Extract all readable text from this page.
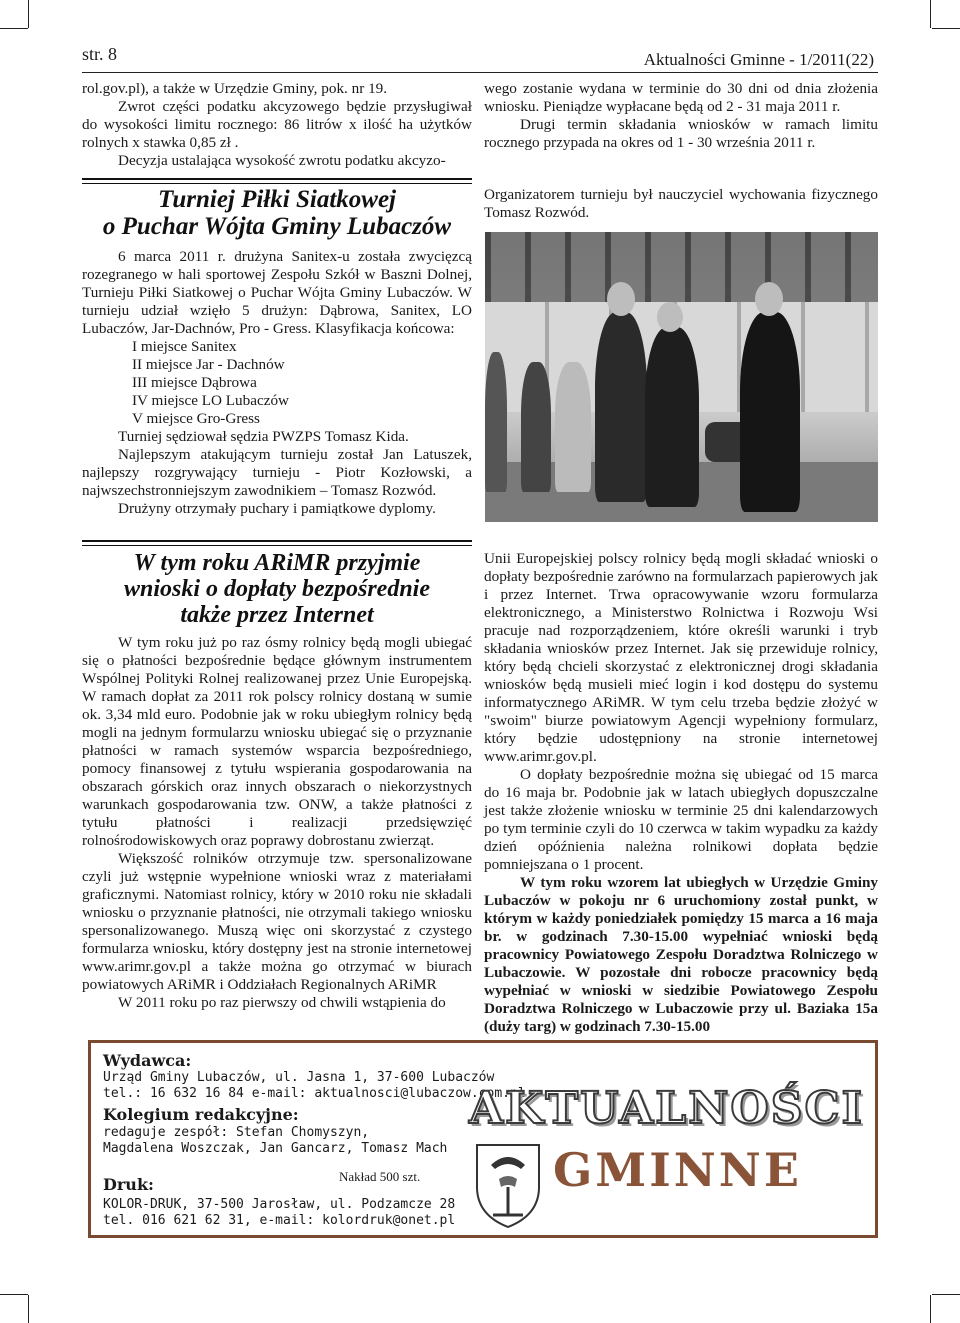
str. 8	Aktualności Gminne - 1/2011(22)

rol.gov.pl), a także w Urzędzie Gminy, pok. nr 19.

Zwrot części podatku akcyzowego będzie przysługiwał do wysokości limitu rocznego: 86 litrów x ilość ha użytków rolnych x stawka 0,85 zł .

Decyzja ustalająca wysokość zwrotu podatku akcyzo-

wego zostanie wydana w terminie do 30 dni od dnia złożenia wniosku. Pieniądze wypłacane będą od 2 - 31 maja 2011 r.

Drugi termin składania wniosków w ramach limitu rocznego przypada na okres od 1 - 30 września 2011 r.

Turniej Piłki Siatkowej
o Puchar Wójta Gminy Lubaczów

6 marca 2011 r. drużyna Sanitex-u została zwycięzcą rozegranego w hali sportowej Zespołu Szkół w Baszni Dolnej, Turnieju Piłki Siatkowej o Puchar Wójta Gminy Lubaczów. W turnieju udział wzięło 5 drużyn: Dąbrowa, Sanitex, LO Lubaczów, Jar-Dachnów, Pro - Gress. Klasyfikacja końcowa:

I miejsce Sanitex

II miejsce Jar - Dachnów

III miejsce Dąbrowa

IV miejsce LO Lubaczów

V miejsce Gro-Gress

Turniej sędziował sędzia PWZPS Tomasz Kida.

Najlepszym atakującym turnieju został Jan Latuszek, najlepszy rozgrywający turnieju - Piotr Kozłowski, a najwszechstronniejszym zawodnikiem – Tomasz Rozwód.

Drużyny otrzymały puchary i pamiątkowe dyplomy.

Organizatorem turnieju był nauczyciel wychowania fizycznego Tomasz Rozwód.

W tym roku ARiMR przyjmie
wnioski o dopłaty bezpośrednie
także przez Internet

W tym roku już po raz ósmy rolnicy będą mogli ubiegać się o płatności bezpośrednie będące głównym instrumentem Wspólnej Polityki Rolnej realizowanej przez Unie Europejską. W ramach dopłat za 2011 rok polscy rolnicy dostaną w sumie ok. 3,34 mld euro. Podobnie jak w roku ubiegłym rolnicy będą mogli na jednym formularzu wniosku ubiegać się o przyznanie płatności w ramach systemów wsparcia bezpośredniego, pomocy finansowej z tytułu wspierania gospodarowania na obszarach górskich oraz innych obszarach o niekorzystnych warunkach gospodarowania tzw. ONW, a także płatności z tytułu płatności i realizacji przedsięwzięć rolnośrodowiskowych oraz poprawy dobrostanu zwierząt.

Większość rolników otrzymuje tzw. spersonalizowane czyli już wstępnie wypełnione wnioski wraz z materiałami graficznymi. Natomiast rolnicy, który w 2010 roku nie składali wniosku o przyznanie płatności, nie otrzymali takiego wniosku spersonalizowanego. Muszą więc oni skorzystać z czystego formularza wniosku, który dostępny jest na stronie internetowej www.arimr.gov.pl a także można go otrzymać w biurach powiatowych ARiMR i Oddziałach Regionalnych ARiMR

W 2011 roku po raz pierwszy od chwili wstąpienia do

Unii Europejskiej polscy rolnicy będą mogli składać wnioski o dopłaty bezpośrednie zarówno na formularzach papierowych jak i przez Internet. Trwa opracowywanie wzoru formularza elektronicznego, a Ministerstwo Rolnictwa i Rozwoju Wsi pracuje nad rozporządzeniem, które określi warunki i tryb składania wniosków przez Internet. Jak się przewiduje rolnicy, który będą chcieli skorzystać z elektronicznej drogi składania wniosków będą musieli mieć login i kod dostępu do systemu informatycznego ARiMR. W tym celu trzeba będzie złożyć w "swoim" biurze powiatowym Agencji wypełniony formularz, który będzie udostępniony na stronie internetowej www.arimr.gov.pl.

O dopłaty bezpośrednie można się ubiegać od 15 marca do 16 maja br. Podobnie jak w latach ubiegłych dopuszczalne jest także złożenie wniosku w terminie 25 dni kalendarzowych po tym terminie czyli do 10 czerwca w takim wypadku za każdy dzień opóźnienia należna rolnikowi dopłata będzie pomniejszana o 1 procent.

W tym roku wzorem lat ubiegłych w Urzędzie Gminy Lubaczów w pokoju nr 6 uruchomiony został punkt, w którym w każdy poniedziałek pomiędzy 15 marca a 16 maja br. w godzinach 7.30-15.00 wypełniać wnioski będą pracownicy Powiatowego Zespołu Doradztwa Rolniczego w Lubaczowie. W pozostałe dni robocze pracownicy będą wypełniać w wnioski w siedzibie Powiatowego Zespołu Doradztwa Rolniczego w Lubaczowie przy ul. Baziaka 15a (duży targ) w godzinach 7.30-15.00

Wydawca:
Urząd Gminy Lubaczów, ul. Jasna 1, 37-600 Lubaczów
tel.: 16 632 16 84 e-mail: aktualnosci@lubaczow.com.pl
Kolegium redakcyjne:
redaguje zespół: Stefan Chomyszyn,
Magdalena Woszczak, Jan Gancarz, Tomasz Mach
Nakład 500 szt.
Druk:
KOLOR-DRUK, 37-500 Jarosław, ul. Podzamcze 28
tel. 016 621 62 31, e-mail: kolordruk@onet.pl
AKTUALNOŚCI
GMINNE
